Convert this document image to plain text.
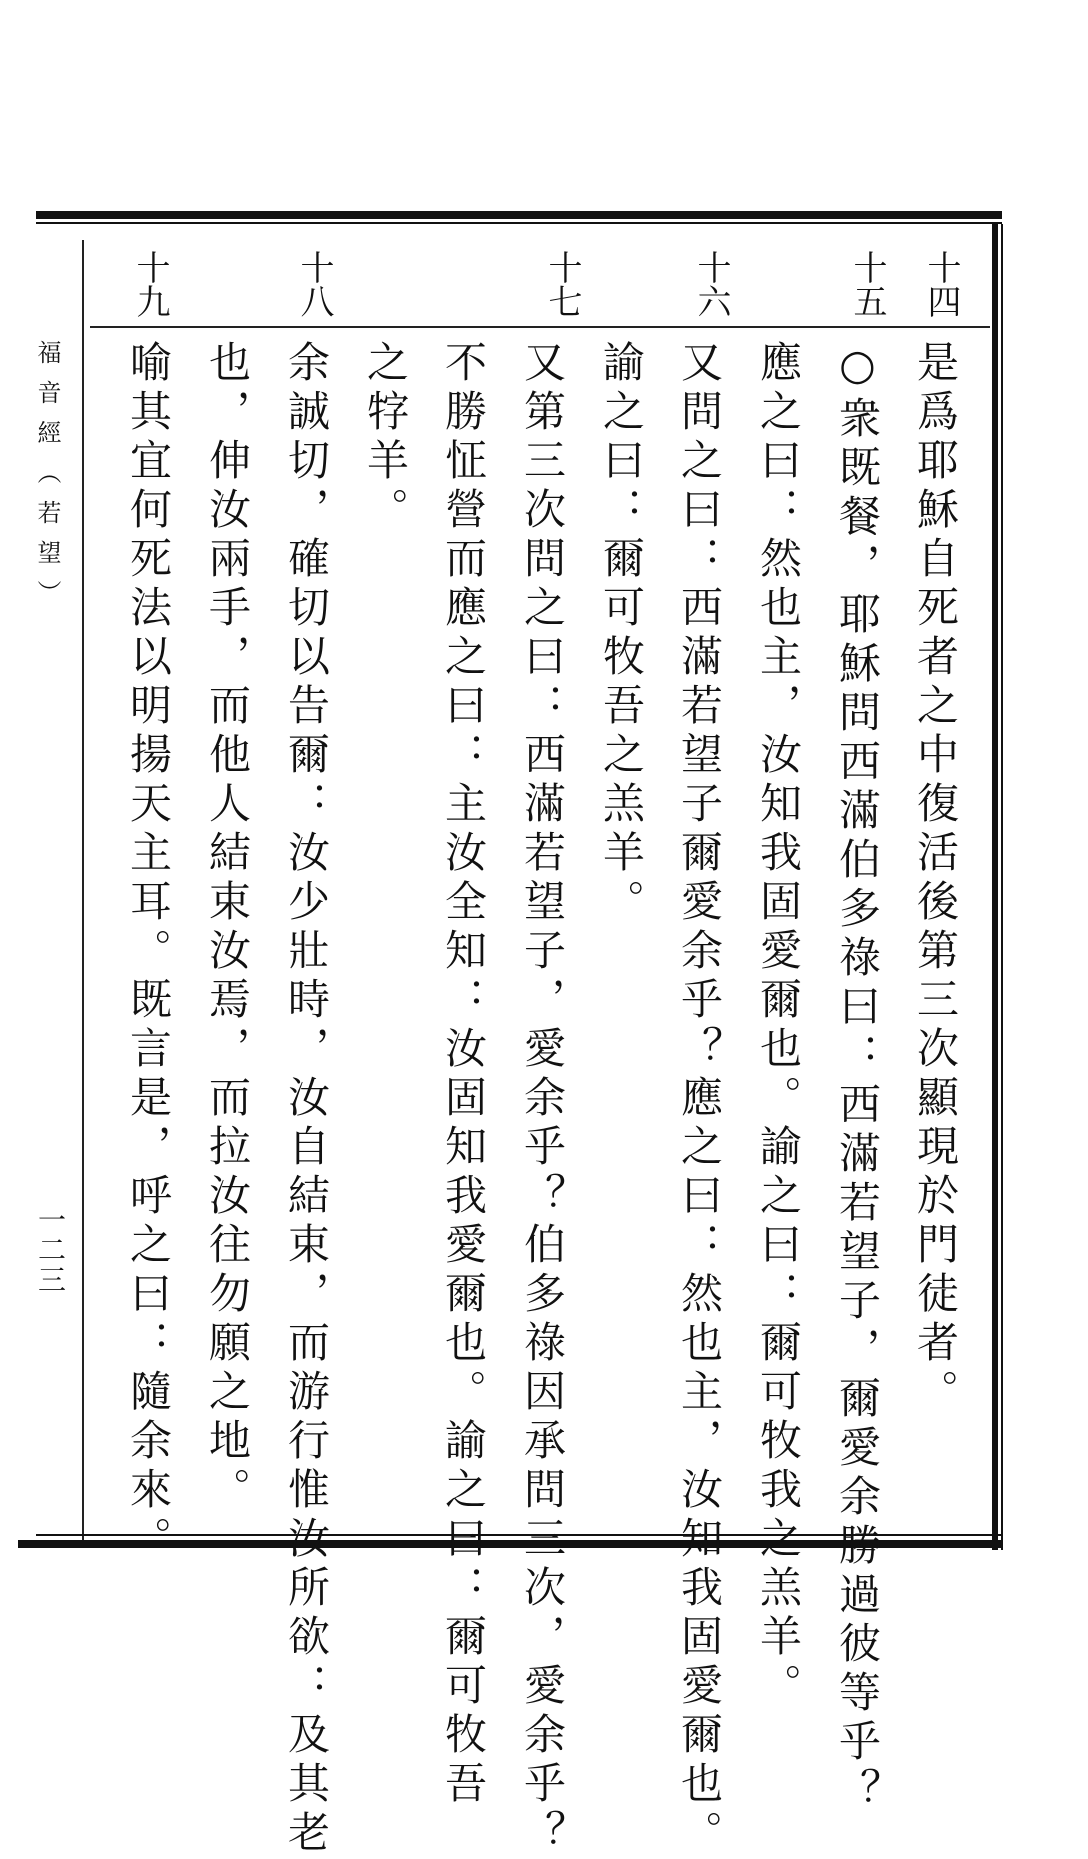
福音經（若望）
一二三
十四
十五
十六
十七
十八
十九
是爲耶穌自死者之中復活後第三次顯現於門徒者。
○衆既餐，耶穌問西滿伯多祿曰：西滿若望子，爾愛余勝過彼等乎？
應之曰：然也主，汝知我固愛爾也。諭之曰：爾可牧我之羔羊。
又問之曰：西滿若望子爾愛余乎？應之曰：然也主，汝知我固愛爾也。
諭之曰：爾可牧吾之羔羊。
又第三次問之曰：西滿若望子，愛余乎？伯多祿因承問三次，愛余乎？
不勝怔營而應之曰：主汝全知：汝固知我愛爾也。諭之曰：爾可牧吾
之牸羊。
余誠切，確切以告爾：汝少壯時，汝自結束，而游行惟汝所欲：及其老
也，伸汝兩手，而他人結束汝焉，而拉汝往勿願之地。
喻其宜何死法以明揚天主耳。既言是，呼之曰：隨余來。
